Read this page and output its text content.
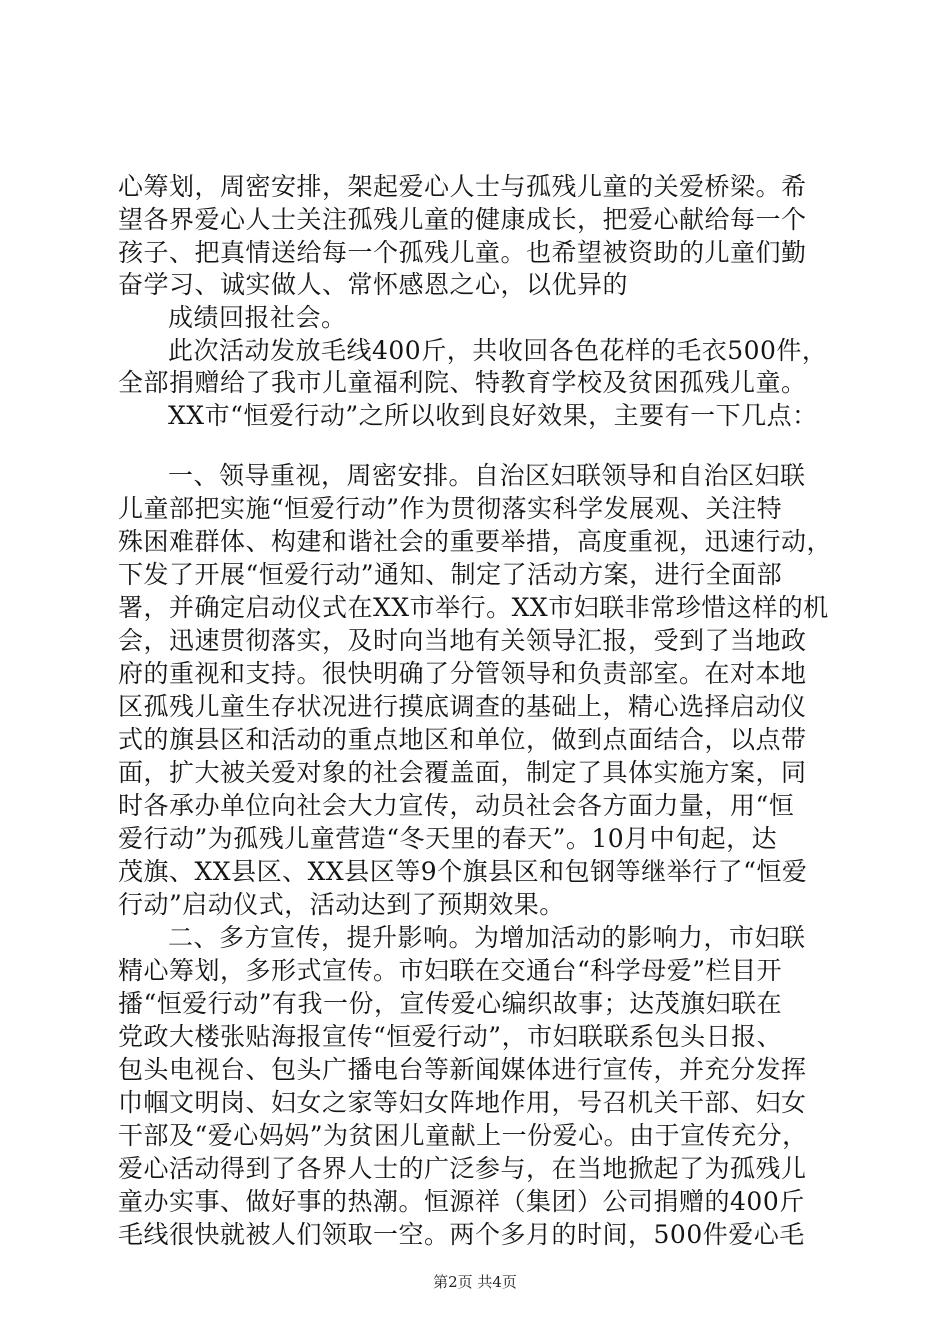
心筹划，周密安排，架起爱心人士与孤残儿童的关爱桥梁。希
望各界爱心人士关注孤残儿童的健康成长，把爱心献给每一个
孩子、把真情送给每一个孤残儿童。也希望被资助的儿童们勤
奋学习、诚实做人、常怀感恩之心，以优异的
成绩回报社会。
此次活动发放毛线400斤，共收回各色花样的毛衣500件，
全部捐赠给了我市儿童福利院、特教育学校及贫困孤残儿童。
XX市“恒爱行动”之所以收到良好效果，主要有一下几点：
一、领导重视，周密安排。自治区妇联领导和自治区妇联
儿童部把实施“恒爱行动”作为贯彻落实科学发展观、关注特
殊困难群体、构建和谐社会的重要举措，高度重视，迅速行动，
下发了开展“恒爱行动”通知、制定了活动方案，进行全面部
署，并确定启动仪式在XX市举行。XX市妇联非常珍惜这样的机
会，迅速贯彻落实，及时向当地有关领导汇报，受到了当地政
府的重视和支持。很快明确了分管领导和负责部室。在对本地
区孤残儿童生存状况进行摸底调查的基础上，精心选择启动仪
式的旗县区和活动的重点地区和单位，做到点面结合，以点带
面，扩大被关爱对象的社会覆盖面，制定了具体实施方案，同
时各承办单位向社会大力宣传，动员社会各方面力量，用“恒
爱行动”为孤残儿童营造“冬天里的春天”。10月中旬起，达
茂旗、XX县区、XX县区等9个旗县区和包钢等继举行了“恒爱
行动”启动仪式，活动达到了预期效果。
二、多方宣传，提升影响。为增加活动的影响力，市妇联
精心筹划，多形式宣传。市妇联在交通台“科学母爱”栏目开
播“恒爱行动”有我一份，宣传爱心编织故事；达茂旗妇联在
党政大楼张贴海报宣传“恒爱行动”，市妇联联系包头日报、
包头电视台、包头广播电台等新闻媒体进行宣传，并充分发挥
巾帼文明岗、妇女之家等妇女阵地作用，号召机关干部、妇女
干部及“爱心妈妈”为贫困儿童献上一份爱心。由于宣传充分，
爱心活动得到了各界人士的广泛参与，在当地掀起了为孤残儿
童办实事、做好事的热潮。恒源祥（集团）公司捐赠的400斤
毛线很快就被人们领取一空。两个多月的时间，500件爱心毛
第2页 共4页
